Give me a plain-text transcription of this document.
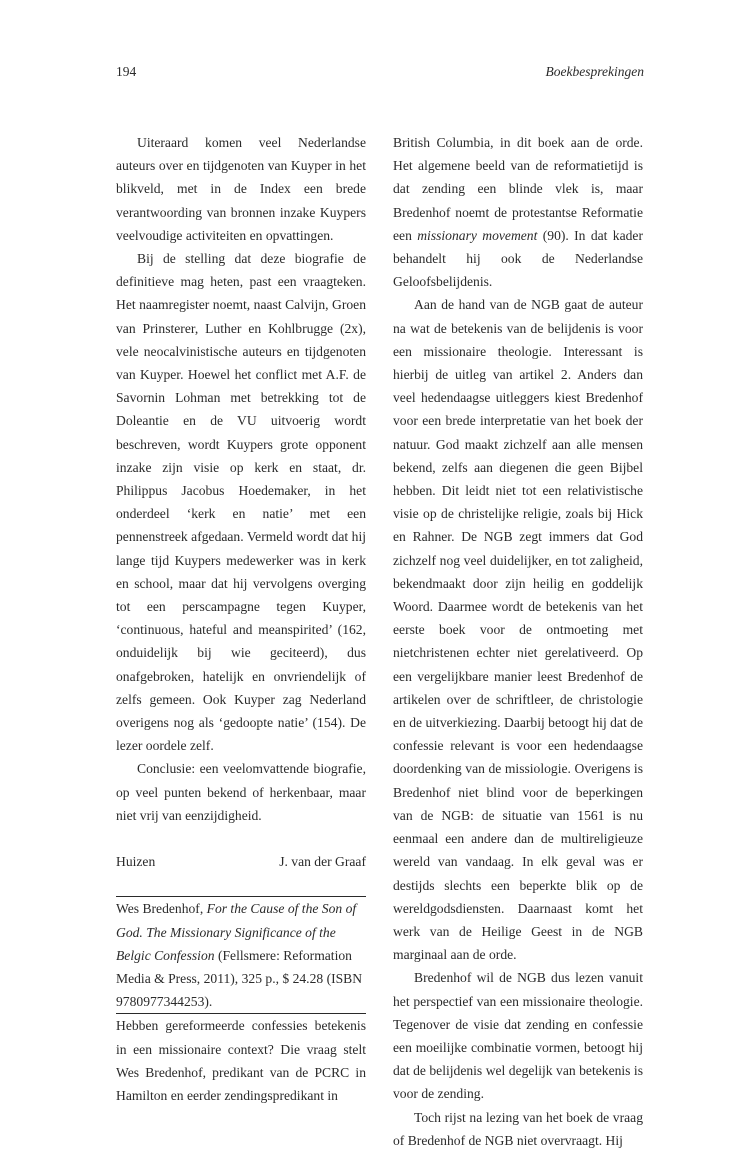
194	Boekbesprekingen

Uiteraard komen veel Nederlandse auteurs over en tijdgenoten van Kuyper in het blikveld, met in de Index een brede verantwoording van bronnen inzake Kuypers veelvoudige activiteiten en opvattingen.

Bij de stelling dat deze biografie de definitieve mag heten, past een vraagteken. Het naamregister noemt, naast Calvijn, Groen van Prinsterer, Luther en Kohlbrugge (2x), vele neocalvinistische auteurs en tijdgenoten van Kuyper. Hoewel het conflict met A.F. de Savornin Lohman met betrekking tot de Doleantie en de VU uitvoerig wordt beschreven, wordt Kuypers grote opponent inzake zijn visie op kerk en staat, dr. Philippus Jacobus Hoedemaker, in het onderdeel ‘kerk en natie’ met een pennenstreek afgedaan. Vermeld wordt dat hij lange tijd Kuypers medewerker was in kerk en school, maar dat hij vervolgens overging tot een perscampagne tegen Kuyper, ‘continuous, hateful and meanspirited’ (162, onduidelijk bij wie geciteerd), dus onafgebroken, hatelijk en onvriendelijk of zelfs gemeen. Ook Kuyper zag Nederland overigens nog als ‘gedoopte natie’ (154). De lezer oordele zelf.

Conclusie: een veelomvattende biografie, op veel punten bekend of herkenbaar, maar niet vrij van eenzijdigheid.

Huizen	J. van der Graaf

Wes Bredenhof, For the Cause of the Son of God. The Missionary Significance of the Belgic Confession (Fellsmere: Reformation Media & Press, 2011), 325 p., $ 24.28 (ISBN 9780977344253).

Hebben gereformeerde confessies betekenis in een missionaire context? Die vraag stelt Wes Bredenhof, predikant van de PCRC in Hamilton en eerder zendingspredikant in

British Columbia, in dit boek aan de orde. Het algemene beeld van de reformatietijd is dat zending een blinde vlek is, maar Bredenhof noemt de protestantse Reformatie een missionary movement (90). In dat kader behandelt hij ook de Nederlandse Geloofsbelijdenis.

Aan de hand van de NGB gaat de auteur na wat de betekenis van de belijdenis is voor een missionaire theologie. Interessant is hierbij de uitleg van artikel 2. Anders dan veel hedendaagse uitleggers kiest Bredenhof voor een brede interpretatie van het boek der natuur. God maakt zichzelf aan alle mensen bekend, zelfs aan diegenen die geen Bijbel hebben. Dit leidt niet tot een relativistische visie op de christelijke religie, zoals bij Hick en Rahner. De NGB zegt immers dat God zichzelf nog veel duidelijker, en tot zaligheid, bekendmaakt door zijn heilig en goddelijk Woord. Daarmee wordt de betekenis van het eerste boek voor de ontmoeting met nietchristenen echter niet gerelativeerd. Op een vergelijkbare manier leest Bredenhof de artikelen over de schriftleer, de christologie en de uitverkiezing. Daarbij betoogt hij dat de confessie relevant is voor een hedendaagse doordenking van de missiologie. Overigens is Bredenhof niet blind voor de beperkingen van de NGB: de situatie van 1561 is nu eenmaal een andere dan de multireligieuze wereld van vandaag. In elk geval was er destijds slechts een beperkte blik op de wereldgodsdiensten. Daarnaast komt het werk van de Heilige Geest in de NGB marginaal aan de orde.

Bredenhof wil de NGB dus lezen vanuit het perspectief van een missionaire theologie. Tegenover de visie dat zending en confessie een moeilijke combinatie vormen, betoogt hij dat de belijdenis wel degelijk van betekenis is voor de zending.

Toch rijst na lezing van het boek de vraag of Bredenhof de NGB niet overvraagt. Hij
